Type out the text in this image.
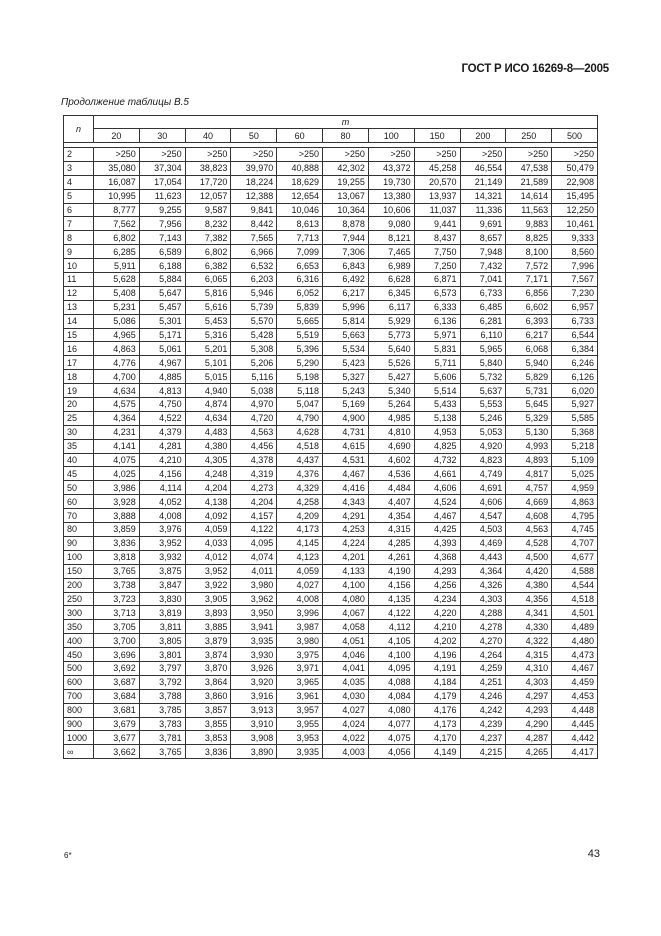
ГОСТ Р ИСО 16269-8—2005
Продолжение таблицы В.5
n	m										
	20	30	40	50	60	80	100	150	200	250	500

2	>250	>250	>250	>250	>250	>250	>250	>250	>250	>250	>250
3	35,080	37,304	38,823	39,970	40,888	42,302	43,372	45,258	46,554	47,538	50,479
4	16,087	17,054	17,720	18,224	18,629	19,255	19,730	20,570	21,149	21,589	22,908
5	10,995	11,623	12,057	12,388	12,654	13,067	13,380	13,937	14,321	14,614	15,495
6	8,777	9,255	9,587	9,841	10,046	10,364	10,606	11,037	11,336	11,563	12,250
7	7,562	7,956	8,232	8,442	8,613	8,878	9,080	9,441	9,691	9,883	10,461
8	6,802	7,143	7,382	7,565	7,713	7,944	8,121	8,437	8,657	8,825	9,333
9	6,285	6,589	6,802	6,966	7,099	7,306	7,465	7,750	7,948	8,100	8,560
10	5,911	6,188	6,382	6,532	6,653	6,843	6,989	7,250	7,432	7,572	7,996
11	5,628	5,884	6,065	6,203	6,316	6,492	6,628	6,871	7,041	7,171	7,567
12	5,408	5,647	5,816	5,946	6,052	6,217	6,345	6,573	6,733	6,856	7,230
13	5,231	5,457	5,616	5,739	5,839	5,996	6,117	6,333	6,485	6,602	6,957
14	5,086	5,301	5,453	5,570	5,665	5,814	5,929	6,136	6,281	6,393	6,733
15	4,965	5,171	5,316	5,428	5,519	5,663	5,773	5,971	6,110	6,217	6,544
16	4,863	5,061	5,201	5,308	5,396	5,534	5,640	5,831	5,965	6,068	6,384
17	4,776	4,967	5,101	5,206	5,290	5,423	5,526	5,711	5,840	5,940	6,246
18	4,700	4,885	5,015	5,116	5,198	5,327	5,427	5,606	5,732	5,829	6,126
19	4,634	4,813	4,940	5,038	5,118	5,243	5,340	5,514	5,637	5,731	6,020
20	4,575	4,750	4,874	4,970	5,047	5,169	5,264	5,433	5,553	5,645	5,927
25	4,364	4,522	4,634	4,720	4,790	4,900	4,985	5,138	5,246	5,329	5,585
30	4,231	4,379	4,483	4,563	4,628	4,731	4,810	4,953	5,053	5,130	5,368
35	4,141	4,281	4,380	4,456	4,518	4,615	4,690	4,825	4,920	4,993	5,218
40	4,075	4,210	4,305	4,378	4,437	4,531	4,602	4,732	4,823	4,893	5,109
45	4,025	4,156	4,248	4,319	4,376	4,467	4,536	4,661	4,749	4,817	5,025
50	3,986	4,114	4,204	4,273	4,329	4,416	4,484	4,606	4,691	4,757	4,959
60	3,928	4,052	4,138	4,204	4,258	4,343	4,407	4,524	4,606	4,669	4,863
70	3,888	4,008	4,092	4,157	4,209	4,291	4,354	4,467	4,547	4,608	4,795
80	3,859	3,976	4,059	4,122	4,173	4,253	4,315	4,425	4,503	4,563	4,745
90	3,836	3,952	4,033	4,095	4,145	4,224	4,285	4,393	4,469	4,528	4,707
100	3,818	3,932	4,012	4,074	4,123	4,201	4,261	4,368	4,443	4,500	4,677
150	3,765	3,875	3,952	4,011	4,059	4,133	4,190	4,293	4,364	4,420	4,588
200	3,738	3,847	3,922	3,980	4,027	4,100	4,156	4,256	4,326	4,380	4,544
250	3,723	3,830	3,905	3,962	4,008	4,080	4,135	4,234	4,303	4,356	4,518
300	3,713	3,819	3,893	3,950	3,996	4,067	4,122	4,220	4,288	4,341	4,501
350	3,705	3,811	3,885	3,941	3,987	4,058	4,112	4,210	4,278	4,330	4,489
400	3,700	3,805	3,879	3,935	3,980	4,051	4,105	4,202	4,270	4,322	4,480
450	3,696	3,801	3,874	3,930	3,975	4,046	4,100	4,196	4,264	4,315	4,473
500	3,692	3,797	3,870	3,926	3,971	4,041	4,095	4,191	4,259	4,310	4,467
600	3,687	3,792	3,864	3,920	3,965	4,035	4,088	4,184	4,251	4,303	4,459
700	3,684	3,788	3,860	3,916	3,961	4,030	4,084	4,179	4,246	4,297	4,453
800	3,681	3,785	3,857	3,913	3,957	4,027	4,080	4,176	4,242	4,293	4,448
900	3,679	3,783	3,855	3,910	3,955	4,024	4,077	4,173	4,239	4,290	4,445
1000	3,677	3,781	3,853	3,908	3,953	4,022	4,075	4,170	4,237	4,287	4,442
∞	3,662	3,765	3,836	3,890	3,935	4,003	4,056	4,149	4,215	4,265	4,417
6*	43
